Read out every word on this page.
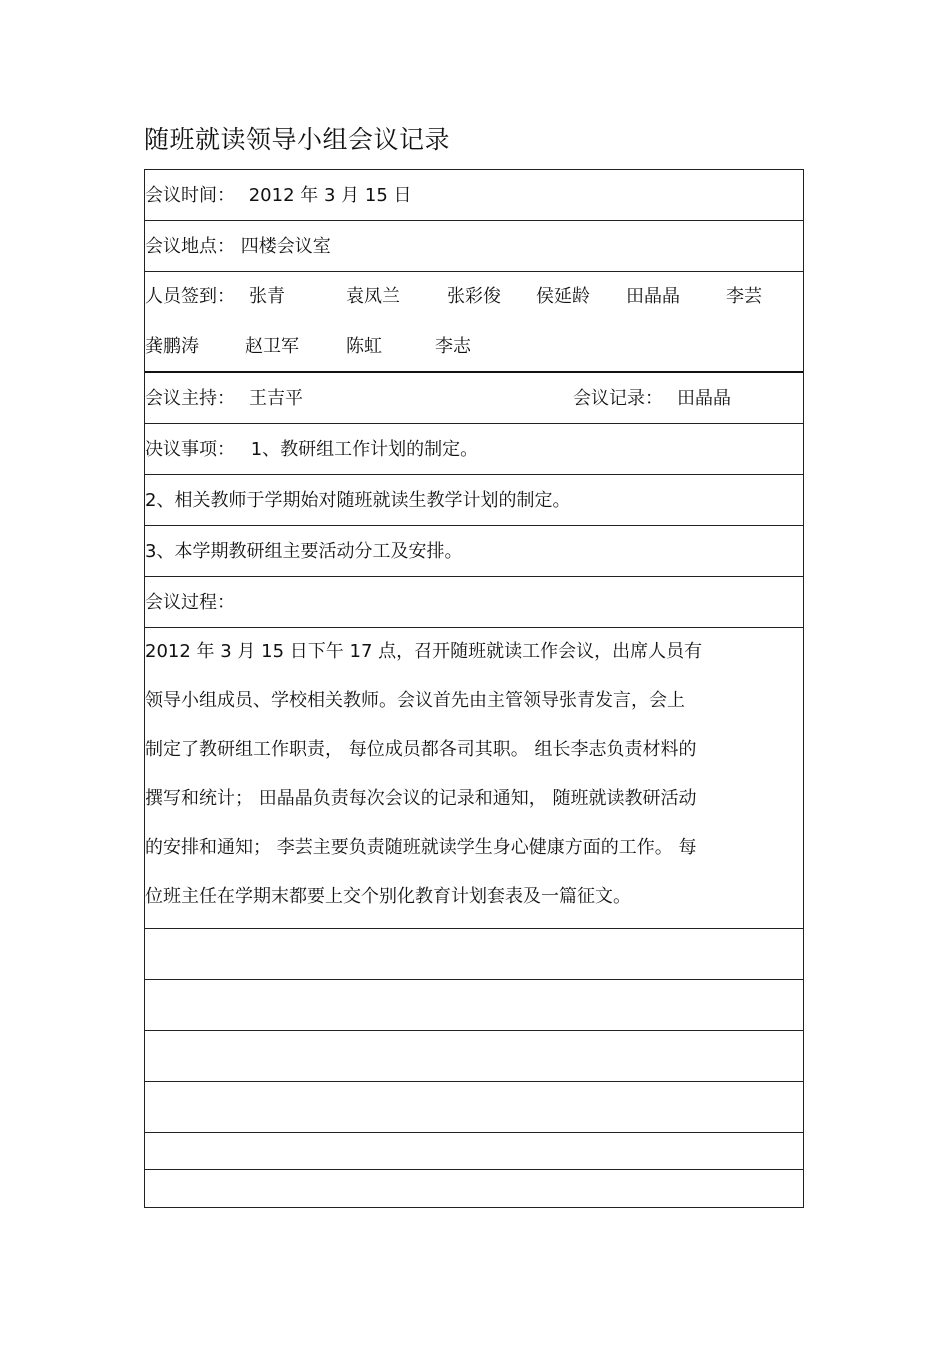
随班就读领导小组会议记录
会议时间： 2012 年 3 月 15 日
会议地点： 四楼会议室
人员签到： 张青	袁凤兰	张彩俊 侯延龄 田晶晶	李芸
龚鹏涛	赵卫军	陈虹	李志
会议主持： 王吉平	会议记录： 田晶晶
决议事项： 1、教研组工作计划的制定。
2、相关教师于学期始对随班就读生教学计划的制定。
3、本学期教研组主要活动分工及安排。
会议过程：
2012 年 3 月 15 日下午 17 点，召开随班就读工作会议，出席人员有
领导小组成员、学校相关教师。会议首先由主管领导张青发言，会上
制定了教研组工作职责， 每位成员都各司其职。 组长李志负责材料的
撰写和统计； 田晶晶负责每次会议的记录和通知， 随班就读教研活动
的安排和通知； 李芸主要负责随班就读学生身心健康方面的工作。 每
位班主任在学期末都要上交个别化教育计划套表及一篇征文。
